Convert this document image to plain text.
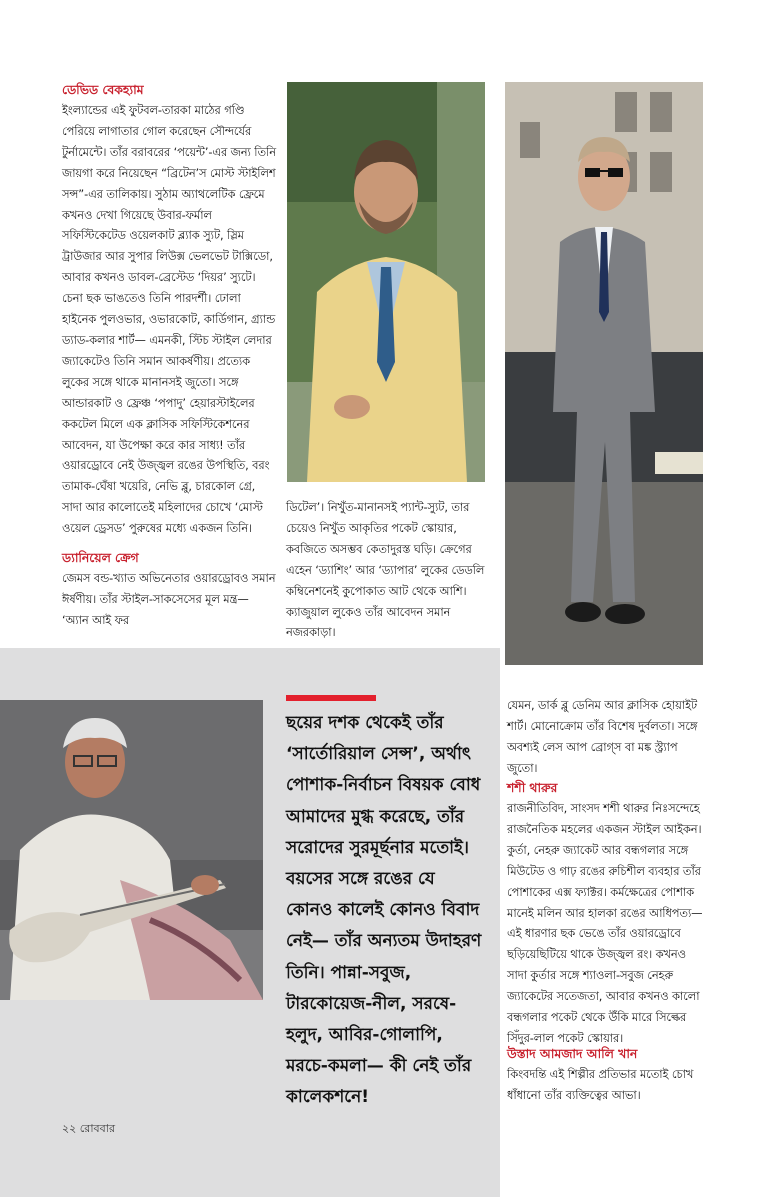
ডেভিড বেকহ্যাম

ইংল্যান্ডের এই ফুটবল-তারকা মাঠের গণ্ডি পেরিয়ে লাগাতার গোল করেছেন সৌন্দর্যের টুর্নামেন্টে। তাঁর বরাবরের ‘পয়েন্ট’-এর জন্য তিনি জায়গা করে নিয়েছেন “ব্রিটেন’স মোস্ট স্টাইলিশ সন্স”-এর তালিকায়। সুঠাম অ্যাথলেটিক ফ্রেমে কখনও দেখা গিয়েছে উবার-ফর্মাল সফিস্টিকেটেড ওয়েলকাট ব্ল্যাক স্যুট, স্লিম ট্রাউজার আর সুপার লিউক্স ভেলভেট টাক্সিডো, আবার কখনও ডাবল-ব্রেস্টেড ‘দিয়র’ স্যুটে। চেনা ছক ভাঙতেও তিনি পারদর্শী। ঢোলা হাইনেক পুলওভার, ওভারকোট, কার্ডিগান, গ্র্যান্ড ড্যাড-কলার শার্ট— এমনকী, স্টিচ স্টাইল লেদার জ্যাকেটেও তিনি সমান আকর্ষণীয়। প্রত্যেক লুকের সঙ্গে থাকে মানানসই জুতো। সঙ্গে আন্ডারকাট ও ফ্রেঞ্চ ‘পপাদু’ হেয়ারস্টাইলের ককটেল মিলে এক ক্লাসিক সফিস্টিকেশনের আবেদন, যা উপেক্ষা করে কার সাধ্য! তাঁর ওয়ারড্রোবে নেই উজ্জ্বল রঙের উপস্থিতি, বরং তামাক-ঘেঁষা খয়েরি, নেভি ব্লু, চারকোল গ্রে, সাদা আর কালোতেই মহিলাদের চোখে ‘মোস্ট ওয়েল ড্রেসড’ পুরুষের মধ্যে একজন তিনি।

ড্যানিয়েল ক্রেগ

জেমস বন্ড-খ্যাত অভিনেতার ওয়ারড্রোবও সমান ঈর্ষণীয়। তাঁর স্টাইল-সাকসেসের মূল মন্ত্র— ‘অ্যান আই ফর

ডিটেল’। নিখুঁত-মানানসই প্যান্ট-স্যুট, তার চেয়েও নিখুঁত আকৃতির পকেট স্কোয়ার, কবজিতে অসম্ভব কেতাদুরস্ত ঘড়ি। ক্রেগের এহেন ‘ড্যাশিং’ আর ‘ড্যাপার’ লুকের ডেডলি কম্বিনেশনেই কুপোকাত আট থেকে আশি। ক্যাজুয়াল লুকেও তাঁর আবেদন সমান নজরকাড়া।

ছয়ের দশক থেকেই তাঁর ‘সার্তোরিয়াল সেন্স’, অর্থাৎ পোশাক-নির্বাচন বিষয়ক বোধ আমাদের মুগ্ধ করেছে, তাঁর সরোদের সুরমূর্ছনার মতোই। বয়সের সঙ্গে রঙের যে কোনও কালেই কোনও বিবাদ নেই— তাঁর অন্যতম উদাহরণ তিনি। পান্না-সবুজ, টারকোয়েজ-নীল, সরষে-হলুদ, আবির-গোলাপি, মরচে-কমলা— কী নেই তাঁর কালেকশনে!

যেমন, ডার্ক ব্লু ডেনিম আর ক্লাসিক হোয়াইট শার্ট। মোনোক্রোম তাঁর বিশেষ দুর্বলতা। সঙ্গে অবশ্যই লেস আপ ব্রোগ্স বা মঙ্ক স্ট্র্যাপ জুতো।

শশী থারুর

রাজনীতিবিদ, সাংসদ শশী থারুর নিঃসন্দেহে রাজনৈতিক মহলের একজন স্টাইল আইকন। কুর্তা, নেহরু জ্যাকেট আর বন্ধগলার সঙ্গে মিউটেড ও গাঢ় রঙের রুচিশীল ব্যবহার তাঁর পোশাকের এক্স ফ্যাক্টর। কর্মক্ষেত্রের পোশাক মানেই মলিন আর হালকা রঙের আধিপত্য— এই ধারণার ছক ভেঙে তাঁর ওয়ারড্রোবে ছড়িয়েছিটিয়ে থাকে উজ্জ্বল রং। কখনও সাদা কুর্তার সঙ্গে শ্যাওলা-সবুজ নেহরু জ্যাকেটের সতেজতা, আবার কখনও কালো বন্ধগলার পকেট থেকে উঁকি মারে সিল্কের সিঁদুর-লাল পকেট স্কোয়ার।

উস্তাদ আমজাদ আলি খান

কিংবদন্তি এই শিল্পীর প্রতিভার মতোই চোখ ধাঁধানো তাঁর ব্যক্তিত্বের আভা।

২২ রোববার
